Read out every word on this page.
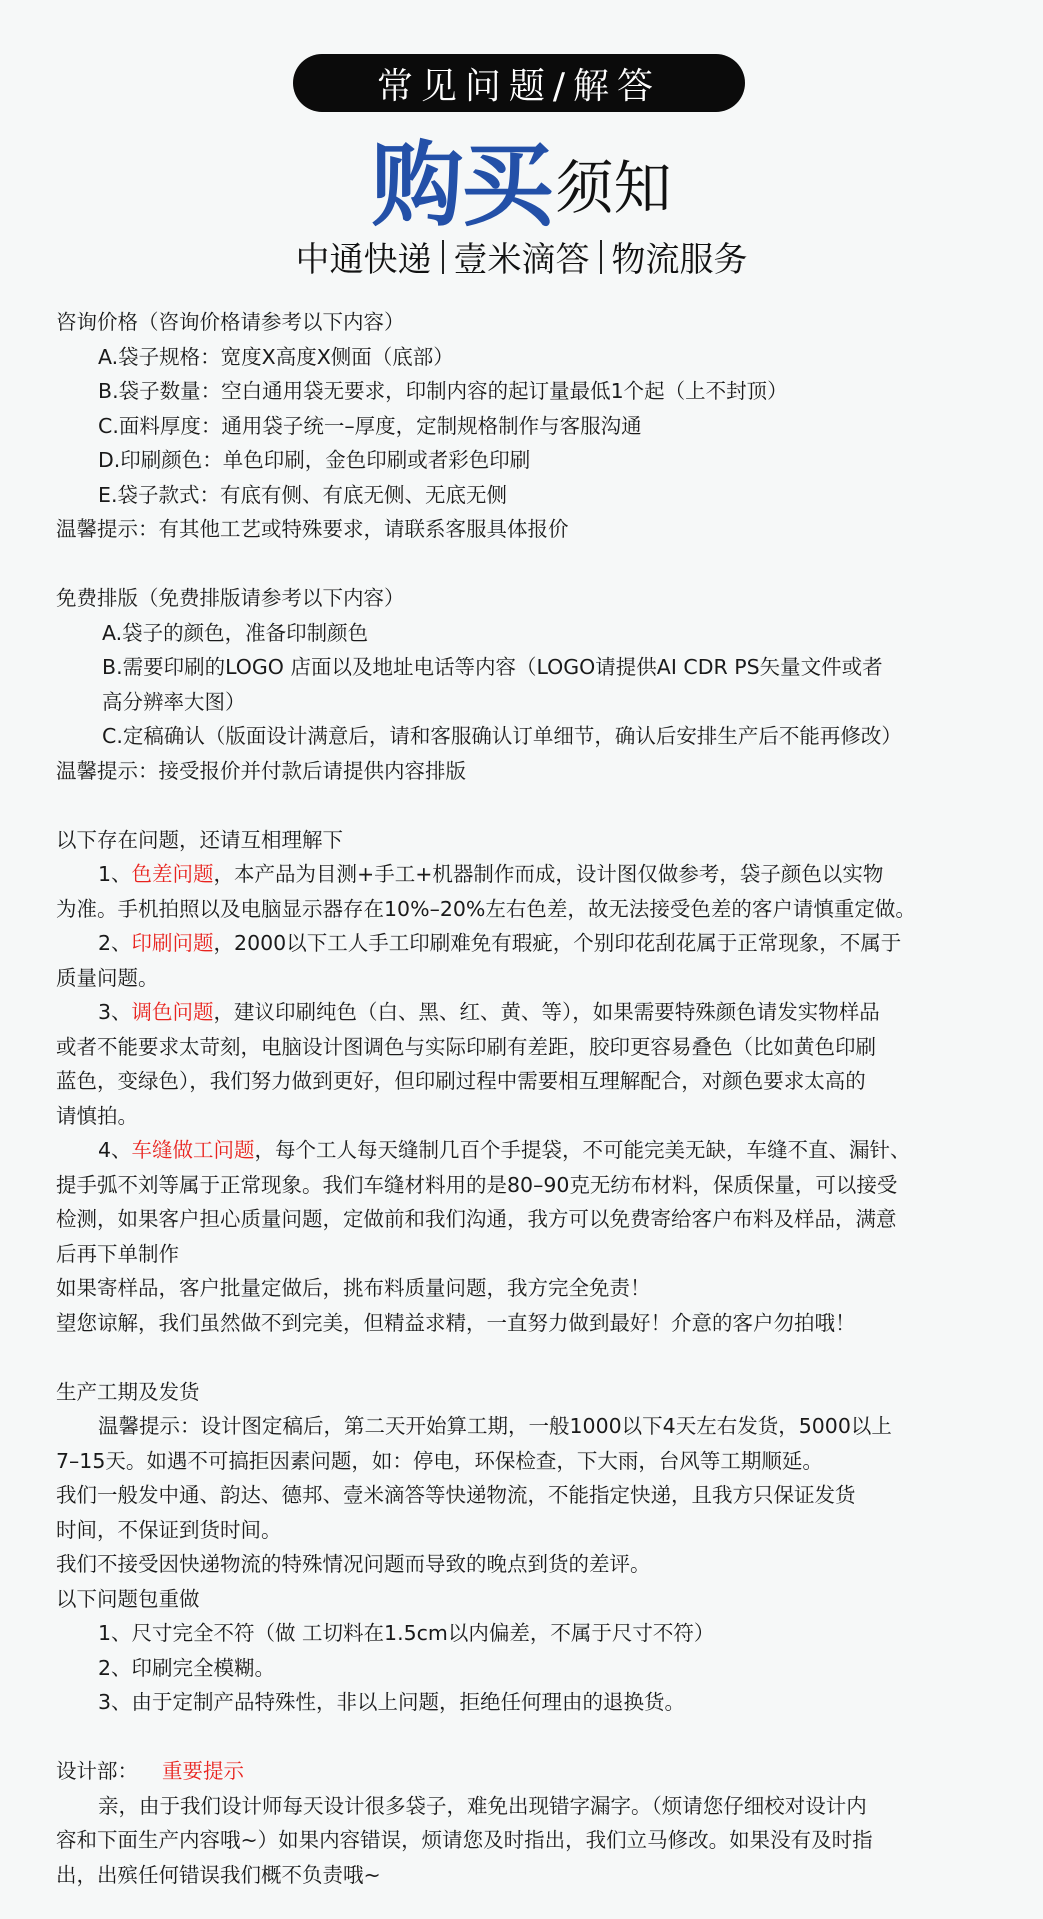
常见问题/解答
购买 须知
中通快递 壹米滴答 物流服务
咨询价格（咨询价格请参考以下内容）
A.袋子规格：宽度X高度X侧面（底部）
B.袋子数量：空白通用袋无要求，印制内容的起订量最低1个起（上不封顶）
C.面料厚度：通用袋子统一–厚度，定制规格制作与客服沟通
D.印刷颜色：单色印刷，金色印刷或者彩色印刷
E.袋子款式：有底有侧、有底无侧、无底无侧
温馨提示：有其他工艺或特殊要求，请联系客服具体报价
免费排版（免费排版请参考以下内容）
A.袋子的颜色，准备印制颜色
B.需要印刷的LOGO 店面以及地址电话等内容（LOGO请提供AI CDR PS矢量文件或者
高分辨率大图）
C.定稿确认（版面设计满意后，请和客服确认订单细节，确认后安排生产后不能再修改）
温馨提示：接受报价并付款后请提供内容排版
以下存在问题，还请互相理解下
1、色差问题，本产品为目测+手工+机器制作而成，设计图仅做参考，袋子颜色以实物
为准。手机拍照以及电脑显示器存在10%–20%左右色差，故无法接受色差的客户请慎重定做。
2、印刷问题，2000以下工人手工印刷难免有瑕疵，个别印花刮花属于正常现象，不属于
质量问题。
3、调色问题，建议印刷纯色（白、黑、红、黄、等），如果需要特殊颜色请发实物样品
或者不能要求太苛刻，电脑设计图调色与实际印刷有差距，胶印更容易叠色（比如黄色印刷
蓝色，变绿色），我们努力做到更好，但印刷过程中需要相互理解配合，对颜色要求太高的
请慎拍。
4、车缝做工问题，每个工人每天缝制几百个手提袋，不可能完美无缺，车缝不直、漏针、
提手弧不刘等属于正常现象。我们车缝材料用的是80–90克无纺布材料，保质保量，可以接受
检测，如果客户担心质量问题，定做前和我们沟通，我方可以免费寄给客户布料及样品，满意
后再下单制作
如果寄样品，客户批量定做后，挑布料质量问题，我方完全免责！
望您谅解，我们虽然做不到完美，但精益求精，一直努力做到最好！介意的客户勿拍哦！
生产工期及发货
温馨提示：设计图定稿后，第二天开始算工期，一般1000以下4天左右发货，5000以上
7–15天。如遇不可搞拒因素问题，如：停电，环保检查，下大雨，台风等工期顺延。
我们一般发中通、韵达、德邦、壹米滴答等快递物流，不能指定快递，且我方只保证发货
时间，不保证到货时间。
我们不接受因快递物流的特殊情况问题而导致的晚点到货的差评。
以下问题包重做
1、尺寸完全不符（做 工切料在1.5cm以内偏差，不属于尺寸不符）
2、印刷完全模糊。
3、由于定制产品特殊性，非以上问题，拒绝任何理由的退换货。
设计部： 重要提示
亲，由于我们设计师每天设计很多袋子，难免出现错字漏字。（烦请您仔细校对设计内
容和下面生产内容哦~）如果内容错误，烦请您及时指出，我们立马修改。如果没有及时指
出，出殡任何错误我们概不负责哦~
